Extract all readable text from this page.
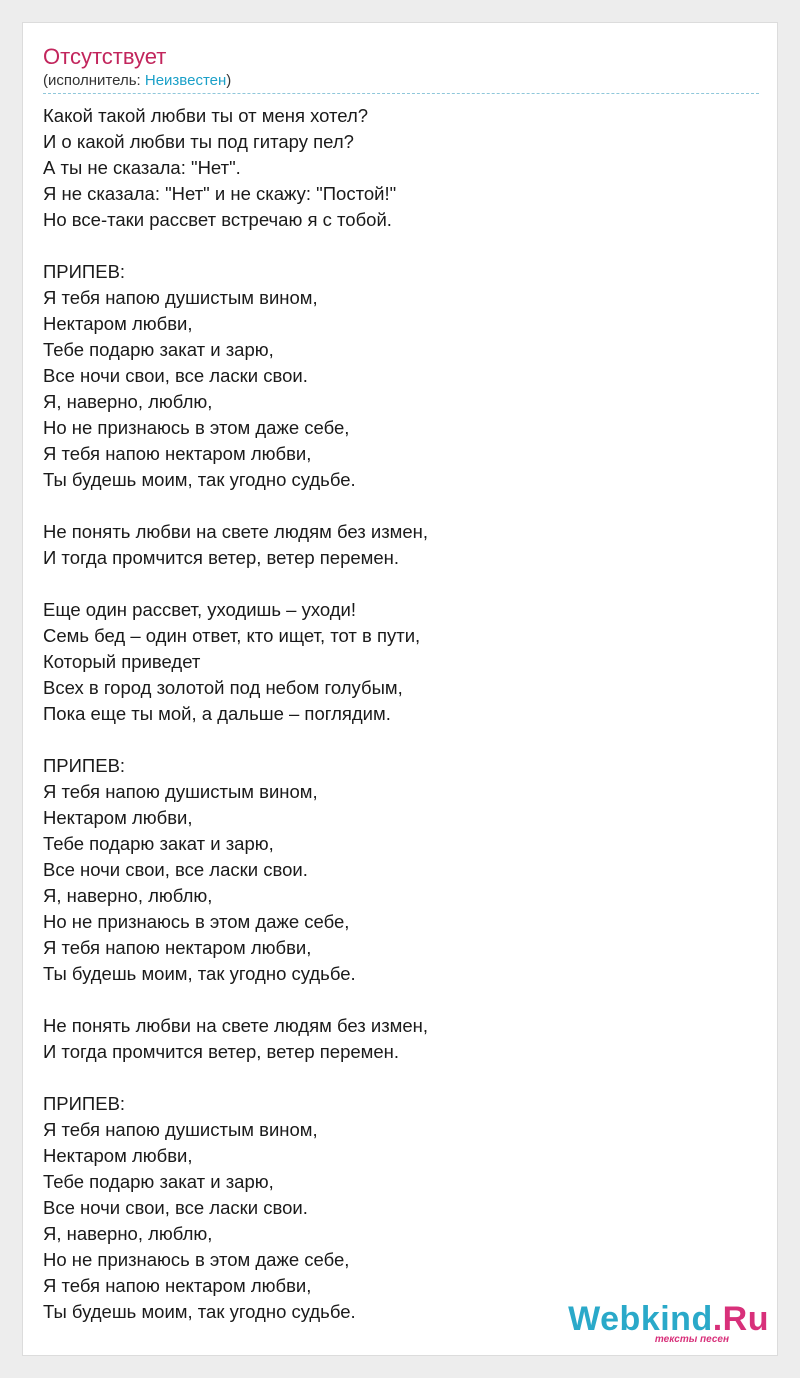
Отсутствует
(исполнитель: Неизвестен)
Какой такой любви ты от меня хотел?
И о какой любви ты под гитару пел?
А ты не сказала: "Нет".
Я не сказала: "Нет" и не скажу: "Постой!"
Но все-таки рассвет встречаю я с тобой.
ПРИПЕВ:
Я тебя напою душистым вином,
Нектаром любви,
Тебе подарю закат и зарю,
Все ночи свои, все ласки свои.
Я, наверно, люблю,
Но не признаюсь в этом даже себе,
Я тебя напою нектаром любви,
Ты будешь моим, так угодно судьбе.
Не понять любви на свете людям без измен,
И тогда промчится ветер, ветер перемен.
Еще один рассвет, уходишь – уходи!
Семь бед – один ответ, кто ищет, тот в пути,
Который приведет
Всех в город золотой под небом голубым,
Пока еще ты мой, а дальше – поглядим.
ПРИПЕВ:
Я тебя напою душистым вином,
Нектаром любви,
Тебе подарю закат и зарю,
Все ночи свои, все ласки свои.
Я, наверно, люблю,
Но не признаюсь в этом даже себе,
Я тебя напою нектаром любви,
Ты будешь моим, так угодно судьбе.
Не понять любви на свете людям без измен,
И тогда промчится ветер, ветер перемен.
ПРИПЕВ:
Я тебя напою душистым вином,
Нектаром любви,
Тебе подарю закат и зарю,
Все ночи свои, все ласки свои.
Я, наверно, люблю,
Но не признаюсь в этом даже себе,
Я тебя напою нектаром любви,
Ты будешь моим, так угодно судьбе.	Webkind.Ru
тексты песен
